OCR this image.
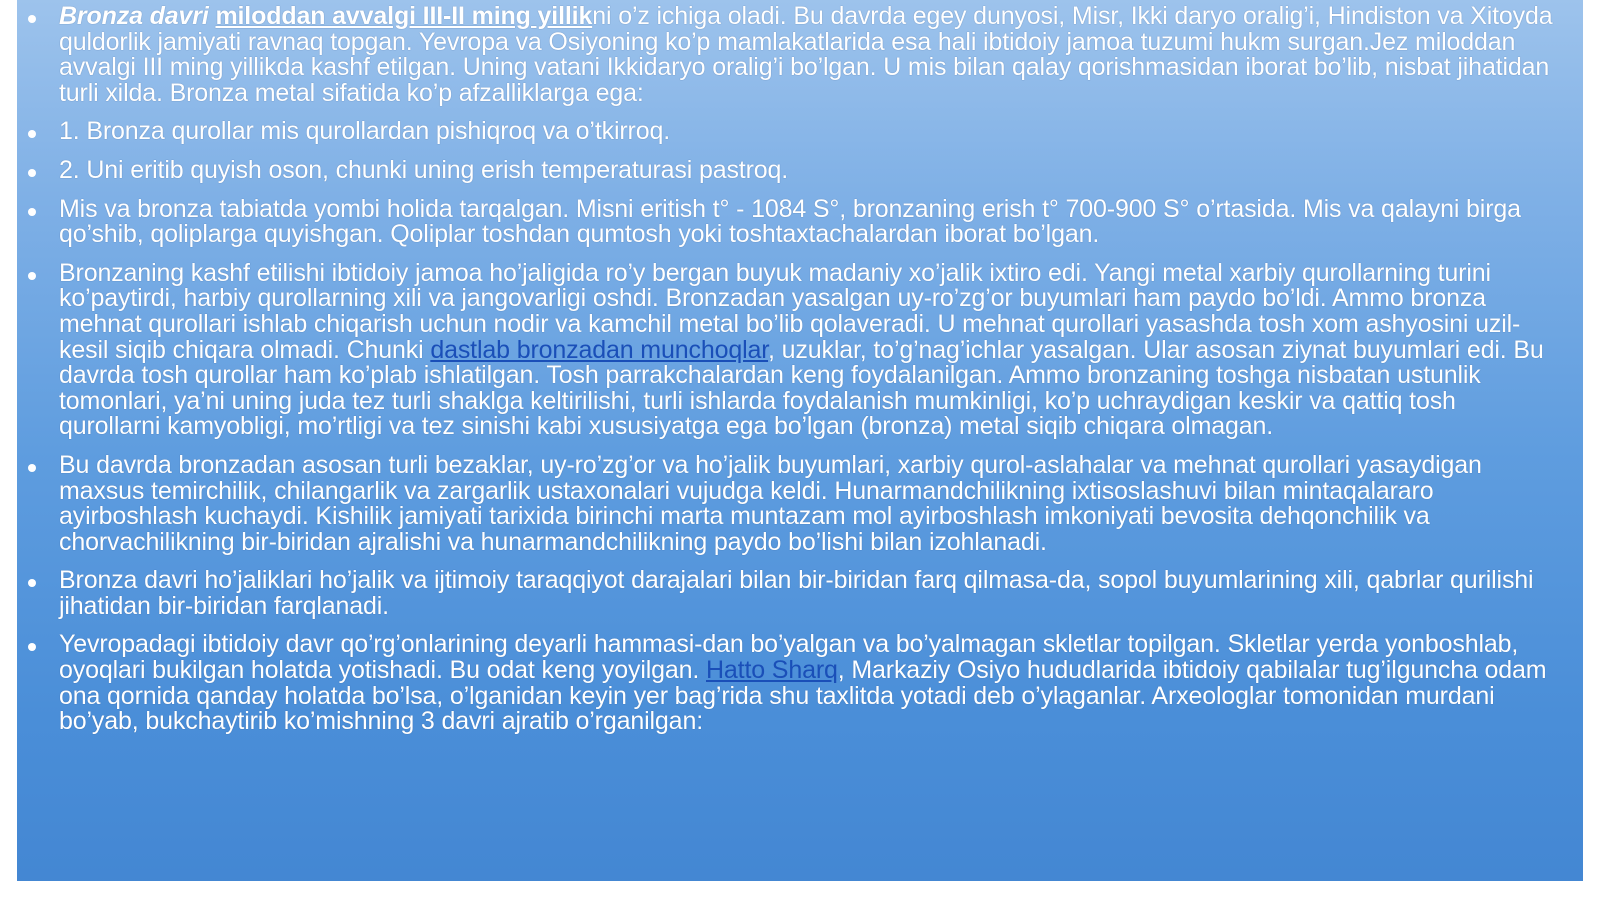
Bronza davri miloddan avvalgi III-II ming yillikni o’z ichiga oladi. Bu davrda egey dunyosi, Misr, Ikki daryo oralig’i, Hindiston va Xitoyda quldorlik jamiyati ravnaq topgan. Yevropa va Osiyoning ko’p mamlakatlarida esa hali ibtidoiy jamoa tuzumi hukm surgan.Jez miloddan avvalgi III ming yillikda kashf etilgan. Uning vatani Ikkidaryo oralig’i bo’lgan. U mis bilan qalay qorishmasidan iborat bo’lib, nisbat jihatidan turli xilda. Bronza metal sifatida ko’p afzalliklarga ega:
1. Bronza qurollar mis qurollardan pishiqroq va o’tkirroq.
2. Uni eritib quyish oson, chunki uning erish temperaturasi pastroq.
Mis va bronza tabiatda yombi holida tarqalgan. Misni eritish t° - 1084 S°, bronzaning erish t° 700-900 S° o’rtasida. Mis va qalayni birga qo’shib, qoliplarga quyishgan. Qoliplar toshdan qumtosh yoki toshtaxtachalardan iborat bo’lgan.
Bronzaning kashf etilishi ibtidoiy jamoa ho’jaligida ro’y bergan buyuk madaniy xo’jalik ixtiro edi. Yangi metal xarbiy qurollarning turini ko’paytirdi, harbiy qurollarning xili va jangovarligi oshdi. Bronzadan yasalgan uy-ro’zg’or buyumlari ham paydo bo’ldi. Ammo bronza mehnat qurollari ishlab chiqarish uchun nodir va kamchil metal bo’lib qolaveradi. U mehnat qurollari yasashda tosh xom ashyosini uzil-kesil siqib chiqara olmadi. Chunki dastlab bronzadan munchoqlar, uzuklar, to’g’nag’ichlar yasalgan. Ular asosan ziynat buyumlari edi. Bu davrda tosh qurollar ham ko’plab ishlatilgan. Tosh parrakchalardan keng foydalanilgan. Ammo bronzaning toshga nisbatan ustunlik tomonlari, ya’ni uning juda tez turli shaklga keltirilishi, turli ishlarda foydalanish mumkinligi, ko’p uchraydigan keskir va qattiq tosh qurollarni kamyobligi, mo’rtligi va tez sinishi kabi xususiyatga ega bo’lgan (bronza) metal siqib chiqara olmagan.
Bu davrda bronzadan asosan turli bezaklar, uy-ro’zg’or va ho’jalik buyumlari, xarbiy qurol-aslahalar va mehnat qurollari yasaydigan maxsus temirchilik, chilangarlik va zargarlik ustaxonalari vujudga keldi. Hunarmandchilikning ixtisoslashuvi bilan mintaqalararo ayirboshlash kuchaydi. Kishilik jamiyati tarixida birinchi marta muntazam mol ayirboshlash imkoniyati bevosita dehqonchilik va chorvachilikning bir-biridan ajralishi va hunarmandchilikning paydo bo’lishi bilan izohlanadi.
Bronza davri ho’jaliklari ho’jalik va ijtimoiy taraqqiyot darajalari bilan bir-biridan farq qilmasa-da, sopol buyumlarining xili, qabrlar qurilishi jihatidan bir-biridan farqlanadi.
Yevropadagi ibtidoiy davr qo’rg’onlarining deyarli hammasi-dan bo’yalgan va bo’yalmagan skletlar topilgan. Skletlar yerda yonboshlab, oyoqlari bukilgan holatda yotishadi. Bu odat keng yoyilgan. Hatto Sharq, Markaziy Osiyo hududlarida ibtidoiy qabilalar tug’ilguncha odam ona qornida qanday holatda bo’lsa, o’lganidan keyin yer bag’rida shu taxlitda yotadi deb o’ylaganlar. Arxeologlar tomonidan murdani bo’yab, bukchaytirib ko’mishning 3 davri ajratib o’rganilgan:
